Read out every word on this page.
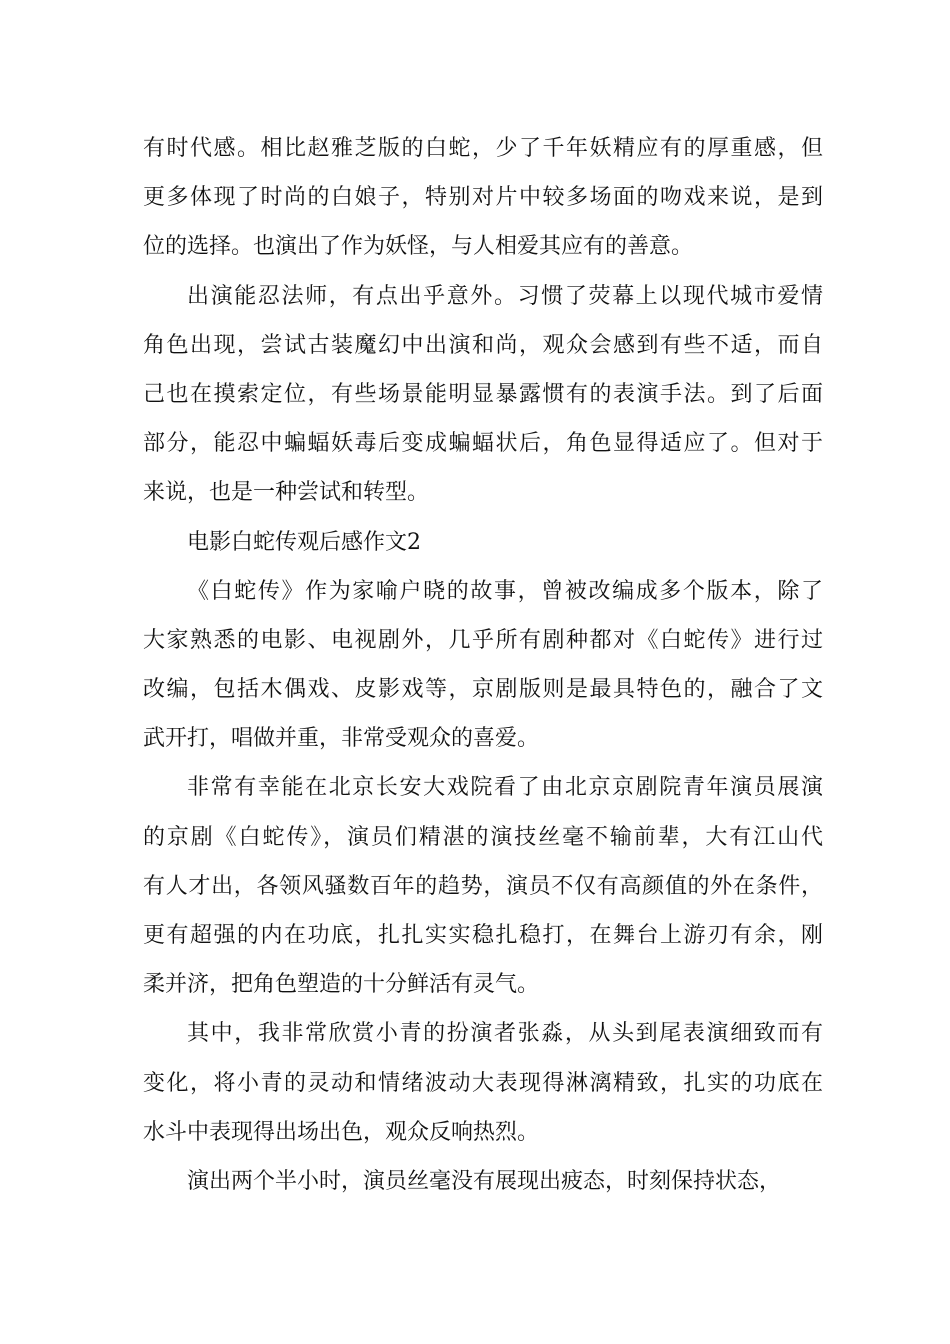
有时代感。相比赵雅芝版的白蛇，少了千年妖精应有的厚重感，但
更多体现了时尚的白娘子，特别对片中较多场面的吻戏来说，是到
位的选择。也演出了作为妖怪，与人相爱其应有的善意。
出演能忍法师，有点出乎意外。习惯了荧幕上以现代城市爱情
角色出现，尝试古装魔幻中出演和尚，观众会感到有些不适，而自
己也在摸索定位，有些场景能明显暴露惯有的表演手法。到了后面
部分，能忍中蝙蝠妖毒后变成蝙蝠状后，角色显得适应了。但对于
来说，也是一种尝试和转型。
电影白蛇传观后感作文2
《白蛇传》作为家喻户晓的故事，曾被改编成多个版本，除了
大家熟悉的电影、电视剧外，几乎所有剧种都对《白蛇传》进行过
改编，包括木偶戏、皮影戏等，京剧版则是最具特色的，融合了文
武开打，唱做并重，非常受观众的喜爱。
非常有幸能在北京长安大戏院看了由北京京剧院青年演员展演
的京剧《白蛇传》，演员们精湛的演技丝毫不输前辈，大有江山代
有人才出，各领风骚数百年的趋势，演员不仅有高颜值的外在条件，
更有超强的内在功底，扎扎实实稳扎稳打，在舞台上游刃有余，刚
柔并济，把角色塑造的十分鲜活有灵气。
其中，我非常欣赏小青的扮演者张淼，从头到尾表演细致而有
变化，将小青的灵动和情绪波动大表现得淋漓精致，扎实的功底在
水斗中表现得出场出色，观众反响热烈。
演出两个半小时，演员丝毫没有展现出疲态，时刻保持状态，
